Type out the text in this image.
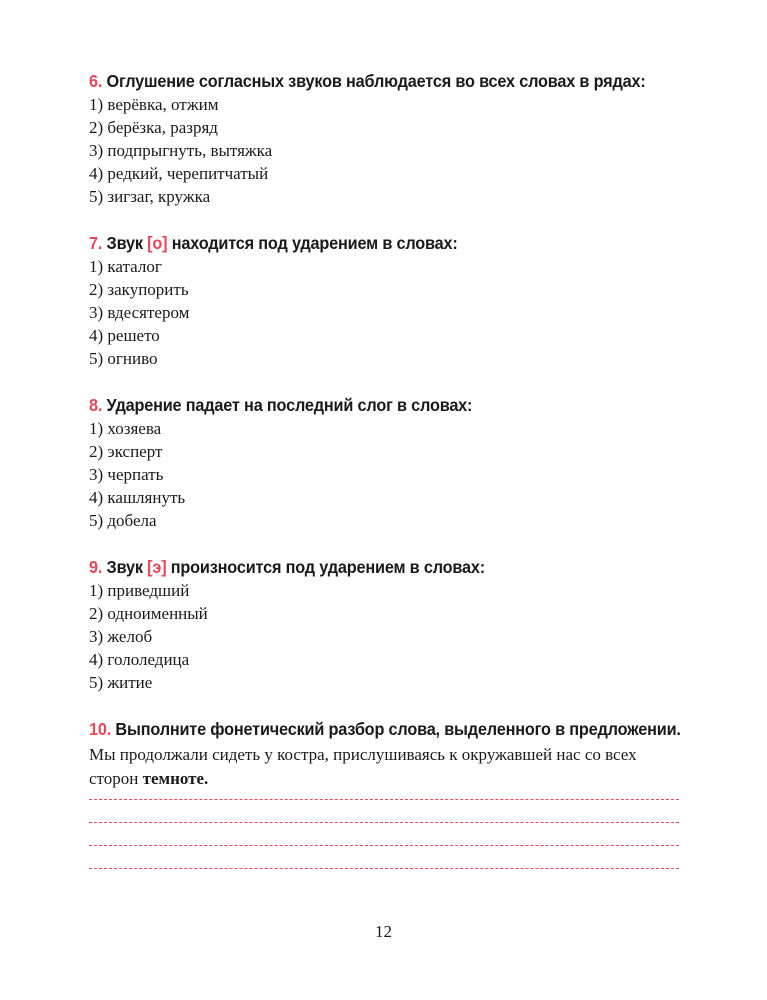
6. Оглушение согласных звуков наблюдается во всех словах в рядах:
1) верёвка, отжим
2) берёзка, разряд
3) подпрыгнуть, вытяжка
4) редкий, черепитчатый
5) зигзаг, кружка
7. Звук [о] находится под ударением в словах:
1) каталог
2) закупорить
3) вдесятером
4) решето
5) огниво
8. Ударение падает на последний слог в словах:
1) хозяева
2) эксперт
3) черпать
4) кашлянуть
5) добела
9. Звук [э] произносится под ударением в словах:
1) приведший
2) одноименный
3) желоб
4) гололедица
5) житие
10. Выполните фонетический разбор слова, выделенного в предложении.
Мы продолжали сидеть у костра, прислушиваясь к окружавшей нас со всех сторон темноте.
12
